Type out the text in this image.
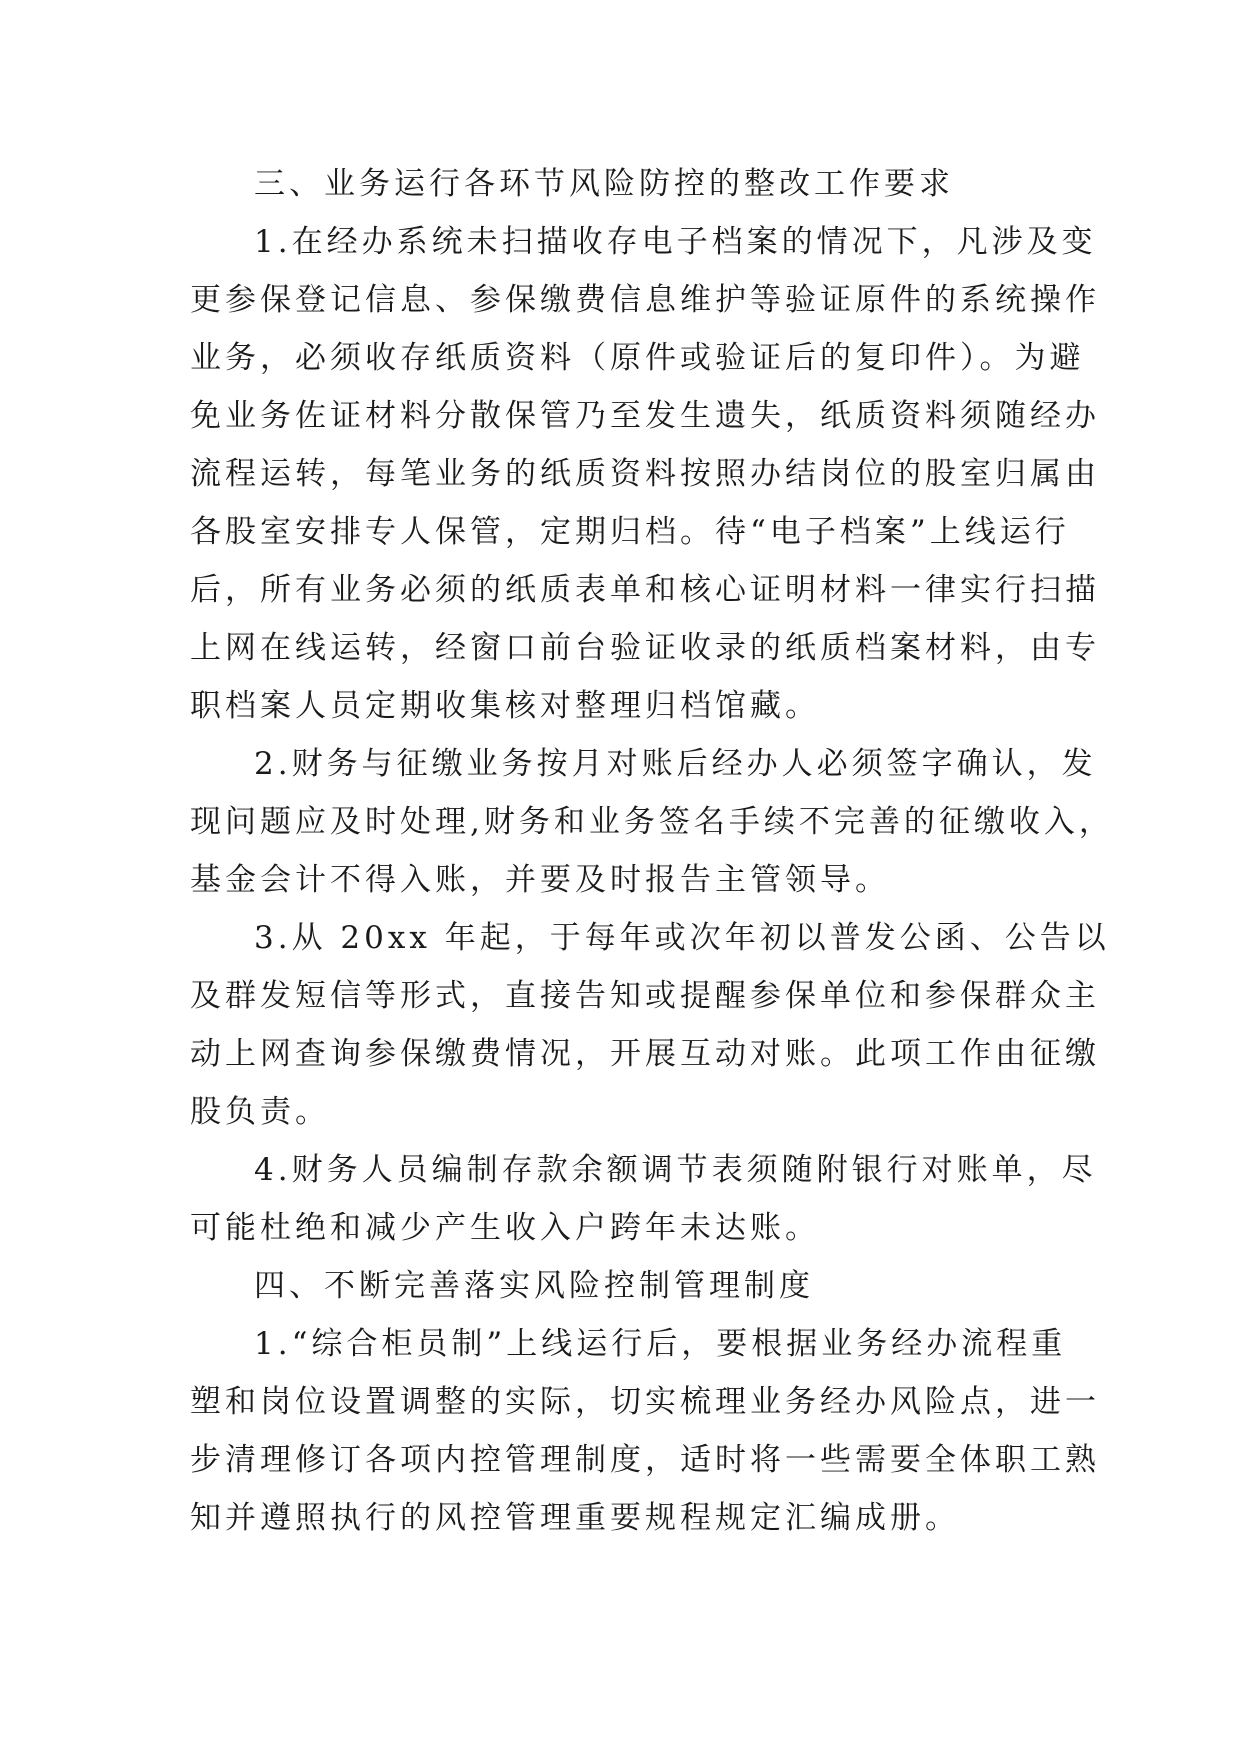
三、业务运行各环节风险防控的整改工作要求
1.在经办系统未扫描收存电子档案的情况下，凡涉及变
更参保登记信息、参保缴费信息维护等验证原件的系统操作
业务，必须收存纸质资料（原件或验证后的复印件）。为避
免业务佐证材料分散保管乃至发生遗失，纸质资料须随经办
流程运转，每笔业务的纸质资料按照办结岗位的股室归属由
各股室安排专人保管，定期归档。待“电子档案”上线运行
后，所有业务必须的纸质表单和核心证明材料一律实行扫描
上网在线运转，经窗口前台验证收录的纸质档案材料，由专
职档案人员定期收集核对整理归档馆藏。
2.财务与征缴业务按月对账后经办人必须签字确认，发
现问题应及时处理,财务和业务签名手续不完善的征缴收入，
基金会计不得入账，并要及时报告主管领导。
3.从 20xx 年起，于每年或次年初以普发公函、公告以
及群发短信等形式，直接告知或提醒参保单位和参保群众主
动上网查询参保缴费情况，开展互动对账。此项工作由征缴
股负责。
4.财务人员编制存款余额调节表须随附银行对账单，尽
可能杜绝和减少产生收入户跨年未达账。
四、不断完善落实风险控制管理制度
1.“综合柜员制”上线运行后，要根据业务经办流程重
塑和岗位设置调整的实际，切实梳理业务经办风险点，进一
步清理修订各项内控管理制度，适时将一些需要全体职工熟
知并遵照执行的风控管理重要规程规定汇编成册。
